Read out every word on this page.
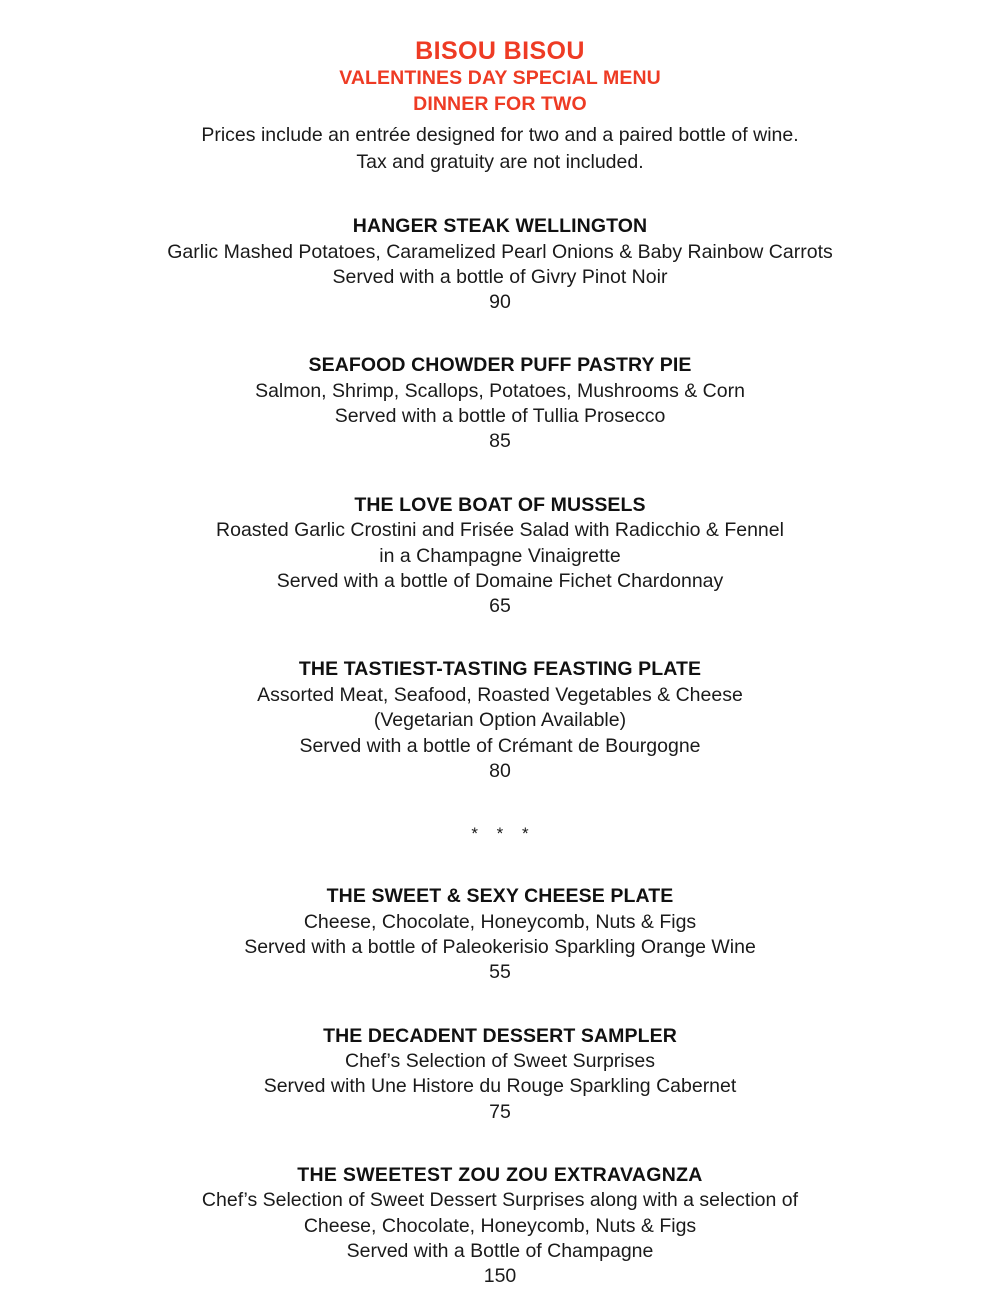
BISOU BISOU
VALENTINES DAY SPECIAL MENU
DINNER FOR TWO
Prices include an entrée designed for two and a paired bottle of wine.
Tax and gratuity are not included.
HANGER STEAK WELLINGTON
Garlic Mashed Potatoes, Caramelized Pearl Onions & Baby Rainbow Carrots
Served with a bottle of Givry Pinot Noir
90
SEAFOOD CHOWDER PUFF PASTRY PIE
Salmon, Shrimp, Scallops, Potatoes, Mushrooms & Corn
Served with a bottle of Tullia Prosecco
85
THE LOVE BOAT OF MUSSELS
Roasted Garlic Crostini and Frisée Salad with Radicchio & Fennel
in a Champagne Vinaigrette
Served with a bottle of Domaine Fichet Chardonnay
65
THE TASTIEST-TASTING FEASTING PLATE
Assorted Meat, Seafood, Roasted Vegetables & Cheese
(Vegetarian Option Available)
Served with a bottle of Crémant de Bourgogne
80
* * *
THE SWEET & SEXY CHEESE PLATE
Cheese, Chocolate, Honeycomb, Nuts & Figs
Served with a bottle of Paleokerisio Sparkling Orange Wine
55
THE DECADENT DESSERT SAMPLER
Chef’s Selection of Sweet Surprises
Served with Une Histore du Rouge Sparkling Cabernet
75
THE SWEETEST ZOU ZOU EXTRAVAGNZA
Chef’s Selection of Sweet Dessert Surprises along with a selection of
Cheese, Chocolate, Honeycomb, Nuts & Figs
Served with a Bottle of Champagne
150
